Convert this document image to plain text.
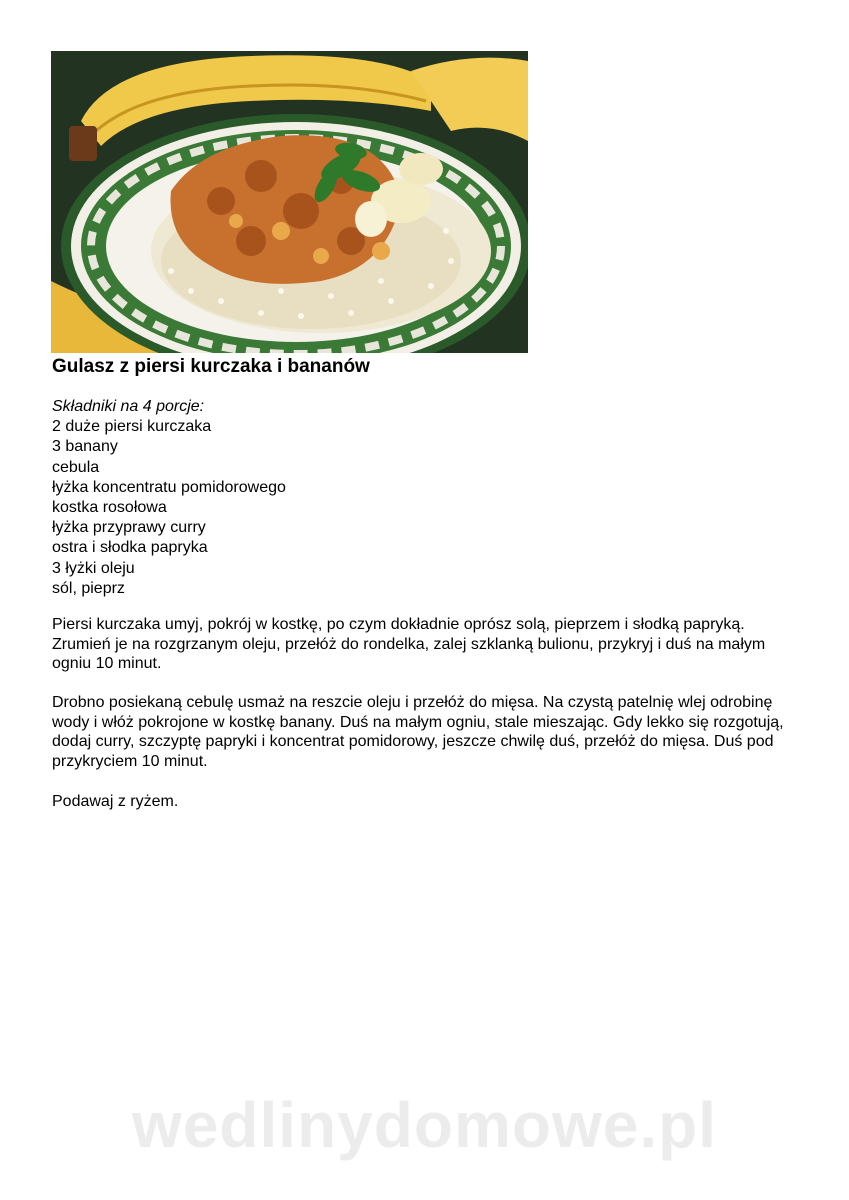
Gulasz z piersi kurczaka i bananów
Składniki na 4 porcje:
2 duże piersi kurczaka
3 banany
cebula
łyżka koncentratu pomidorowego
kostka rosołowa
łyżka przyprawy curry
ostra i słodka papryka
3 łyżki oleju
sól, pieprz

Piersi kurczaka umyj, pokrój w kostkę, po czym dokładnie oprósz solą, pieprzem i słodką papryką. Zrumień je na rozgrzanym oleju, przełóż do rondelka, zalej szklanką bulionu, przykryj i duś na małym ogniu 10 minut.

Drobno posiekaną cebulę usmaż na reszcie oleju i przełóż do mięsa. Na czystą patelnię wlej odrobinę wody i włóż pokrojone w kostkę banany. Duś na małym ogniu, stale mieszając. Gdy lekko się rozgotują, dodaj curry, szczyptę papryki i koncentrat pomidorowy, jeszcze chwilę duś, przełóż do mięsa. Duś pod przykryciem 10 minut.

Podawaj z ryżem.

wedlinydomowe.pl
